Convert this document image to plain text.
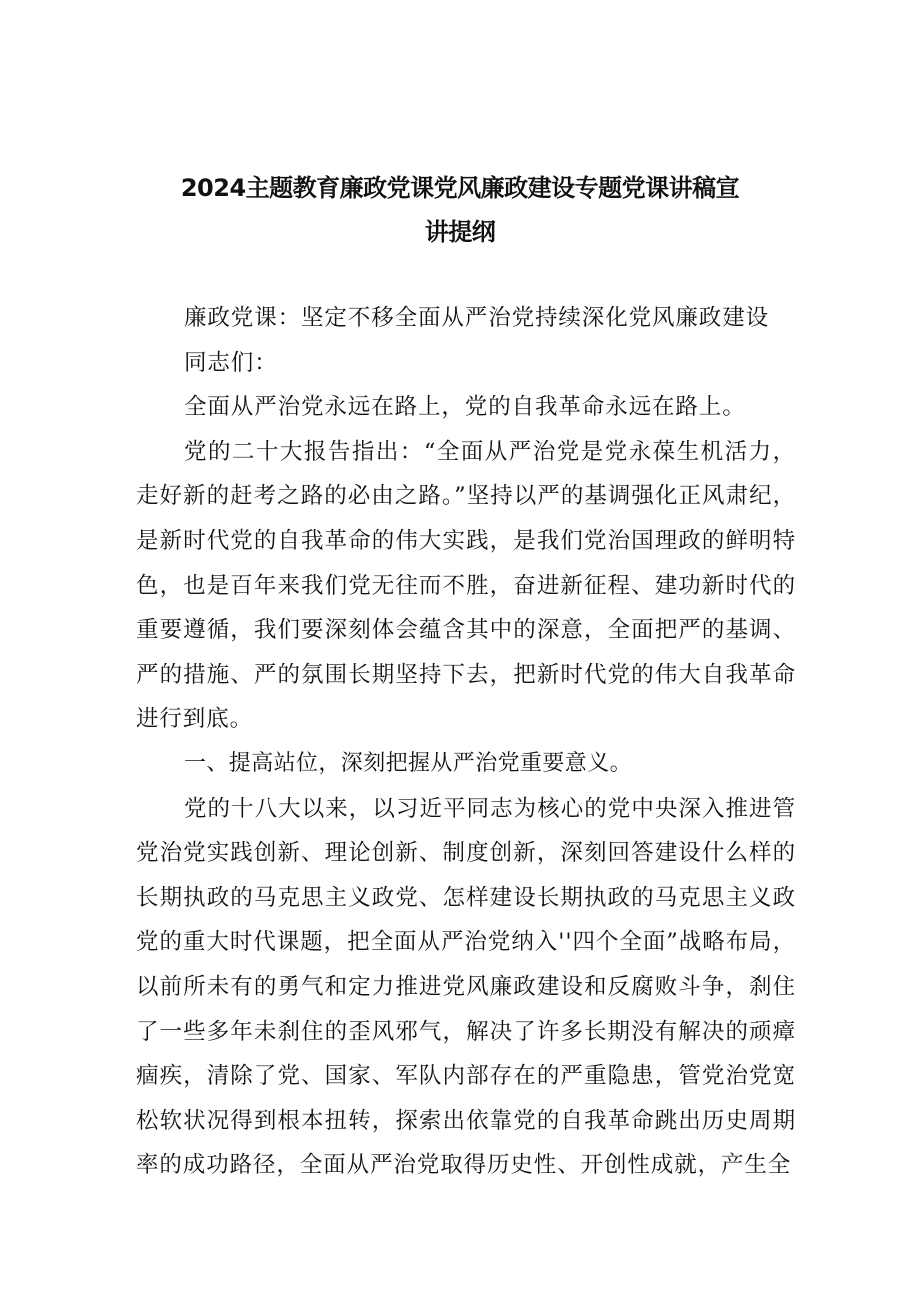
2024主题教育廉政党课党风廉政建设专题党课讲稿宣
讲提纲

廉政党课：坚定不移全面从严治党持续深化党风廉政建设

同志们：

全面从严治党永远在路上，党的自我革命永远在路上。

党的二十大报告指出：“全面从严治党是党永葆生机活力，走好新的赶考之路的必由之路。”坚持以严的基调强化正风肃纪，是新时代党的自我革命的伟大实践，是我们党治国理政的鲜明特色，也是百年来我们党无往而不胜，奋进新征程、建功新时代的重要遵循，我们要深刻体会蕴含其中的深意，全面把严的基调、严的措施、严的氛围长期坚持下去，把新时代党的伟大自我革命进行到底。

一、提高站位，深刻把握从严治党重要意义。

党的十八大以来，以习近平同志为核心的党中央深入推进管党治党实践创新、理论创新、制度创新，深刻回答建设什么样的长期执政的马克思主义政党、怎样建设长期执政的马克思主义政党的重大时代课题，把全面从严治党纳入''四个全面”战略布局，以前所未有的勇气和定力推进党风廉政建设和反腐败斗争，刹住了一些多年未刹住的歪风邪气，解决了许多长期没有解决的顽瘴痼疾，清除了党、国家、军队内部存在的严重隐患，管党治党宽松软状况得到根本扭转，探索出依靠党的自我革命跳出历史周期率的成功路径，全面从严治党取得历史性、开创性成就，产生全
